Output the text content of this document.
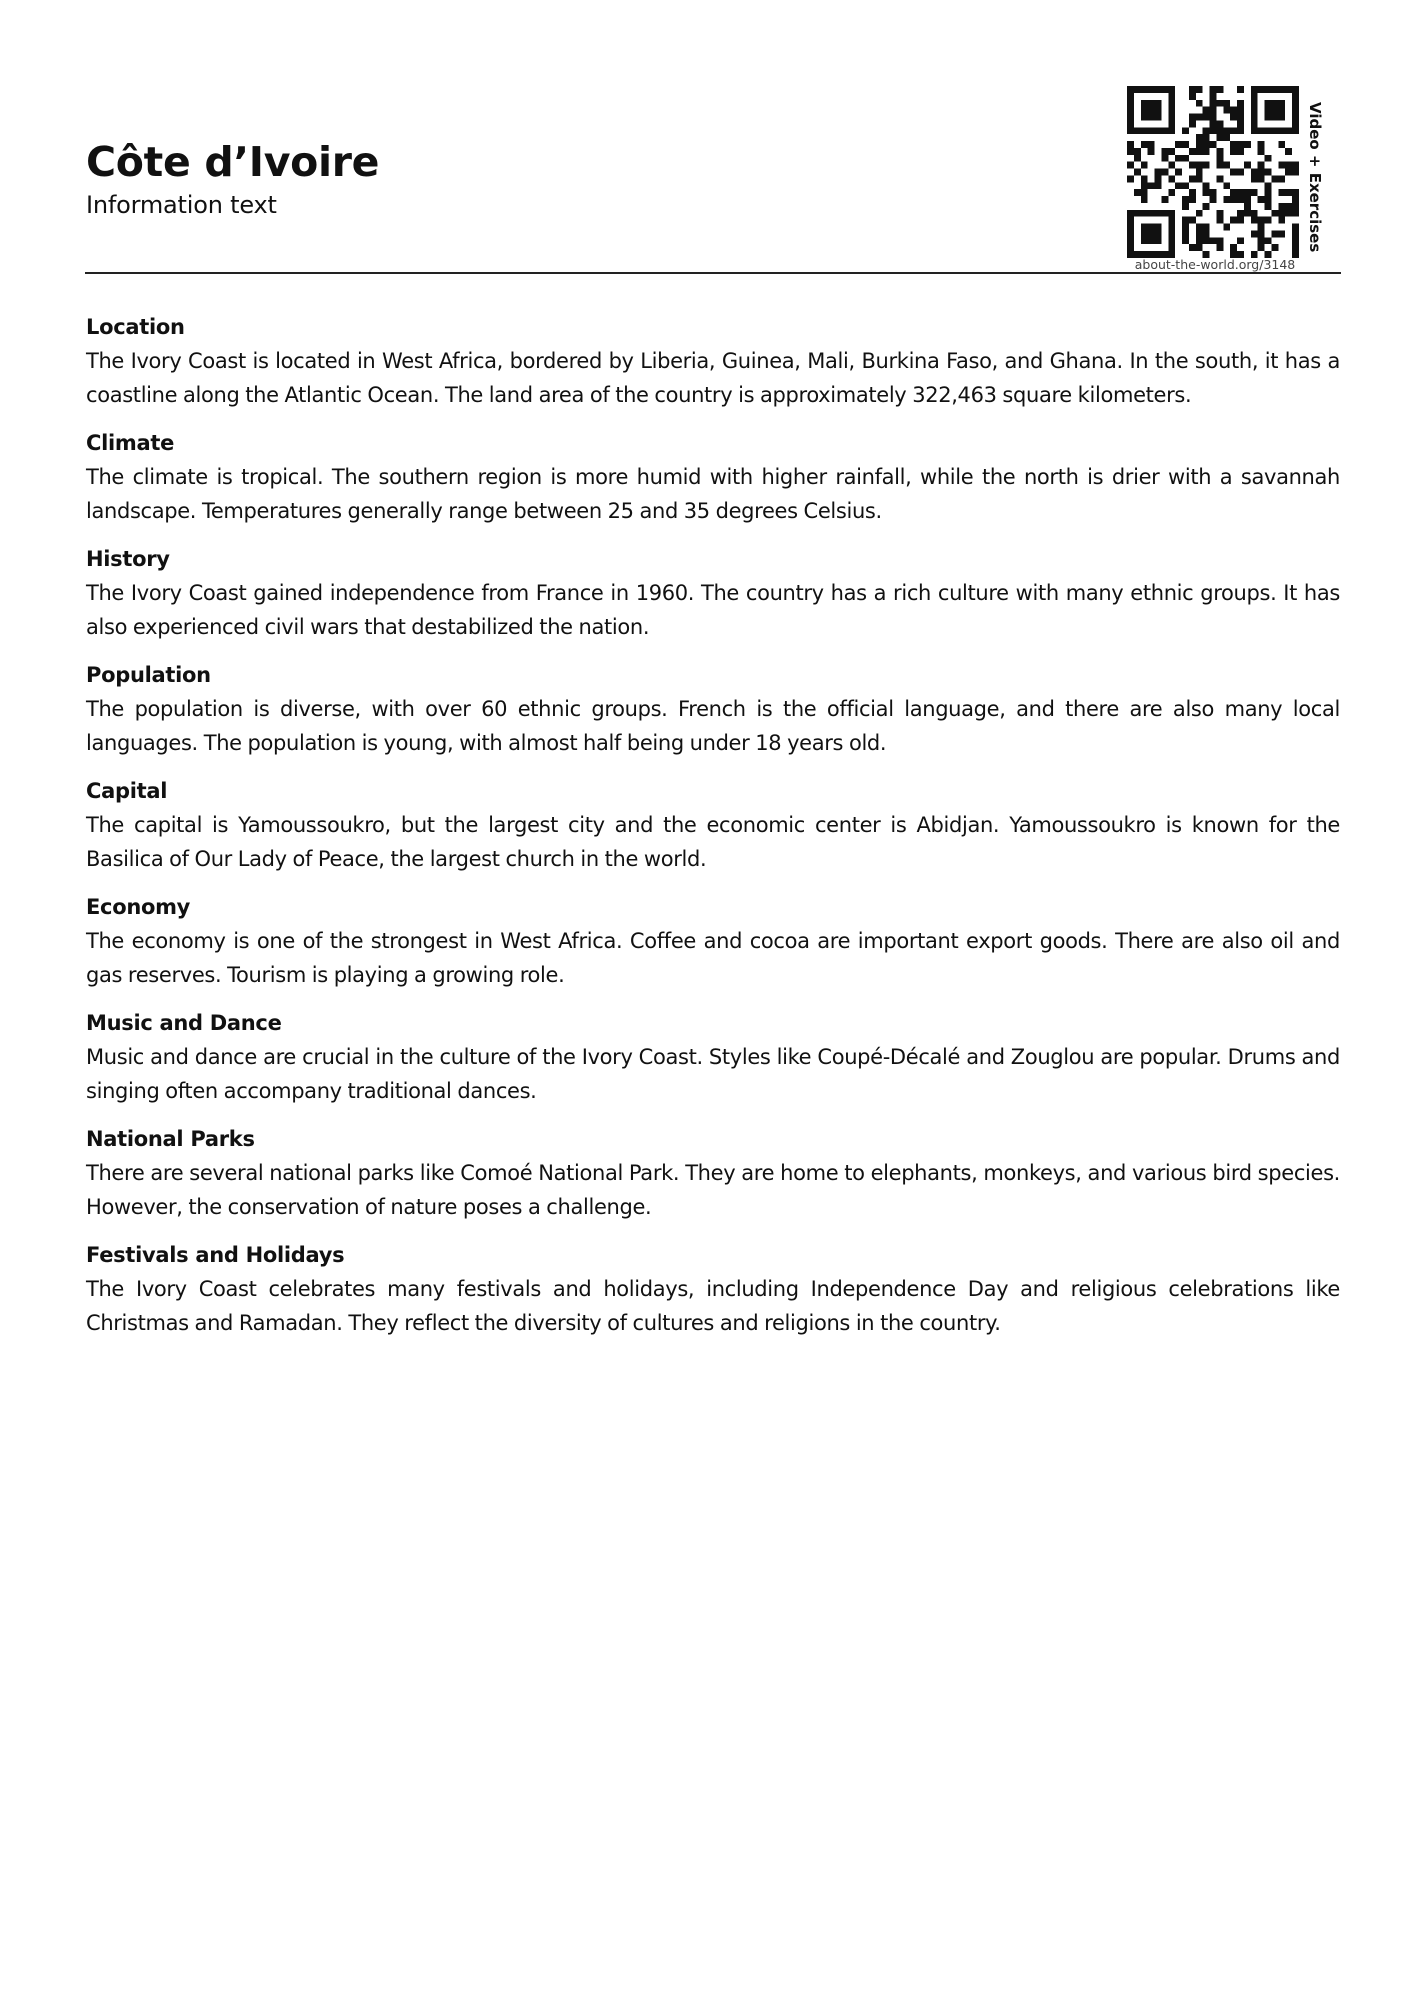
Côte d’Ivoire
Information text	Video + Exercises
about-the-world.org/3148
Location

The Ivory Coast is located in West Africa, bordered by Liberia, Guinea, Mali, Burkina Faso, and Ghana. In the south, it has a coastline along the Atlantic Ocean. The land area of the country is approximately 322,463 square kilometers.

Climate

The climate is tropical. The southern region is more humid with higher rainfall, while the north is drier with a savannah landscape. Temperatures generally range between 25 and 35 degrees Celsius.

History

The Ivory Coast gained independence from France in 1960. The country has a rich culture with many ethnic groups. It has also experienced civil wars that destabilized the nation.

Population

The population is diverse, with over 60 ethnic groups. French is the official language, and there are also many local languages. The population is young, with almost half being under 18 years old.

Capital

The capital is Yamoussoukro, but the largest city and the economic center is Abidjan. Yamoussoukro is known for the Basilica of Our Lady of Peace, the largest church in the world.

Economy

The economy is one of the strongest in West Africa. Coffee and cocoa are important export goods. There are also oil and gas reserves. Tourism is playing a growing role.

Music and Dance

Music and dance are crucial in the culture of the Ivory Coast. Styles like Coupé-Décalé and Zouglou are popular. Drums and singing often accompany traditional dances.

National Parks

There are several national parks like Comoé National Park. They are home to elephants, monkeys, and various bird species. However, the conservation of nature poses a challenge.

Festivals and Holidays

The Ivory Coast celebrates many festivals and holidays, including Independence Day and religious celebrations like Christmas and Ramadan. They reflect the diversity of cultures and religions in the country.
